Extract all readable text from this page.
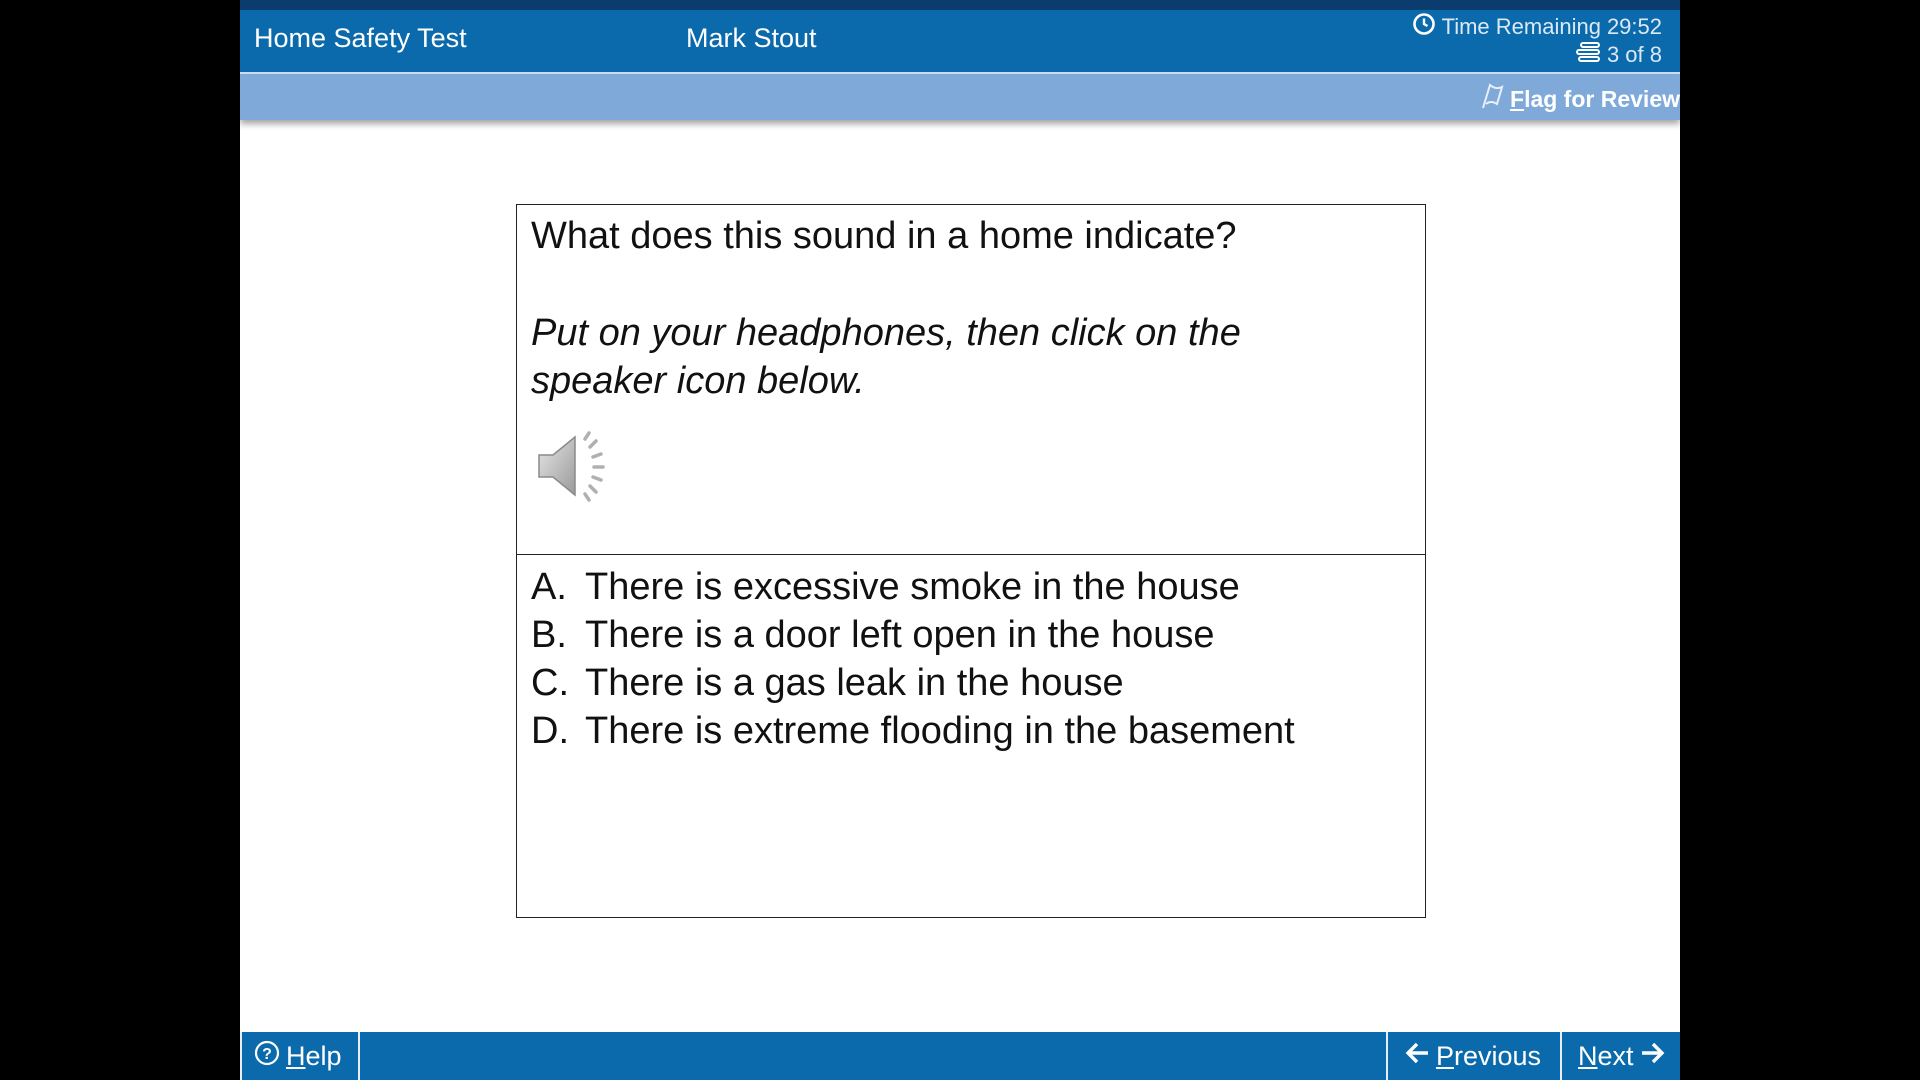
Home Safety Test	Mark Stout	Time Remaining 29:52
3 of 8
Flag for Review
What does this sound in a home indicate?
Put on your headphones, then click on the speaker icon below.
A. There is excessive smoke in the house
B. There is a door left open in the house
C. There is a gas leak in the house
D. There is extreme flooding in the basement
? Help	Previous Next
